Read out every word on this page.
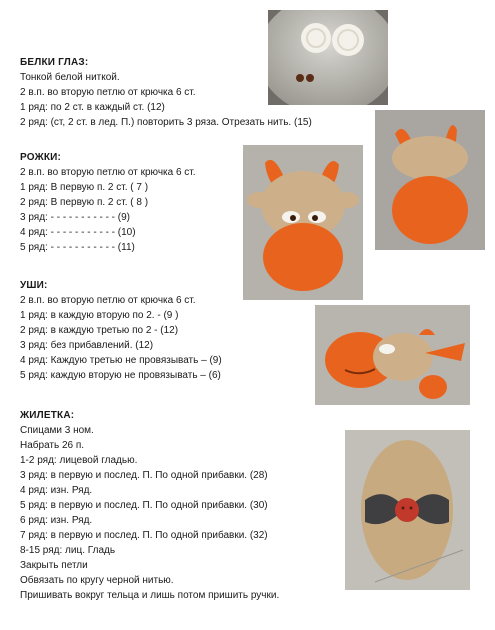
БЕЛКИ ГЛАЗ:
Тонкой белой ниткой.
2 в.п. во вторую петлю от крючка 6 ст.
1 ряд: по 2 ст. в каждый ст. (12)
2 ряд: (ст, 2 ст. в лед. П.) повторить 3 ряза. Отрезать нить. (15)
РОЖКИ:
2 в.п. во вторую петлю от крючка 6 ст.
1 ряд: В первую п. 2 ст. ( 7 )
2 ряд: В первую п. 2 ст. ( 8 )
3 ряд: - - - - - - - - - - - (9)
4 ряд: - - - - - - - - - - - (10)
5 ряд: - - - - - - - - - - - (11)
УШИ:
2 в.п. во вторую петлю от крючка 6 ст.
1 ряд: в каждую вторую по 2. - (9 )
2 ряд: в каждую третью по 2 - (12)
3 ряд: без прибавлений. (12)
4 ряд: Каждую третью не провязывать – (9)
5 ряд: каждую вторую не провязывать – (6)
ЖИЛЕТКА:
Спицами 3 ном.
Набрать 26 п.
1-2 ряд: лицевой гладью.
3 ряд: в первую и послед. П. По одной прибавки. (28)
4 ряд: изн. Ряд.
5 ряд: в первую и послед. П. По одной прибавки. (30)
6 ряд: изн. Ряд.
7 ряд: в первую и послед. П. По одной прибавки. (32)
8-15 ряд: лиц. Гладь
Закрыть петли
Обвязать по кругу черной нитью.
Пришивать вокруг тельца и лишь потом пришить ручки.
